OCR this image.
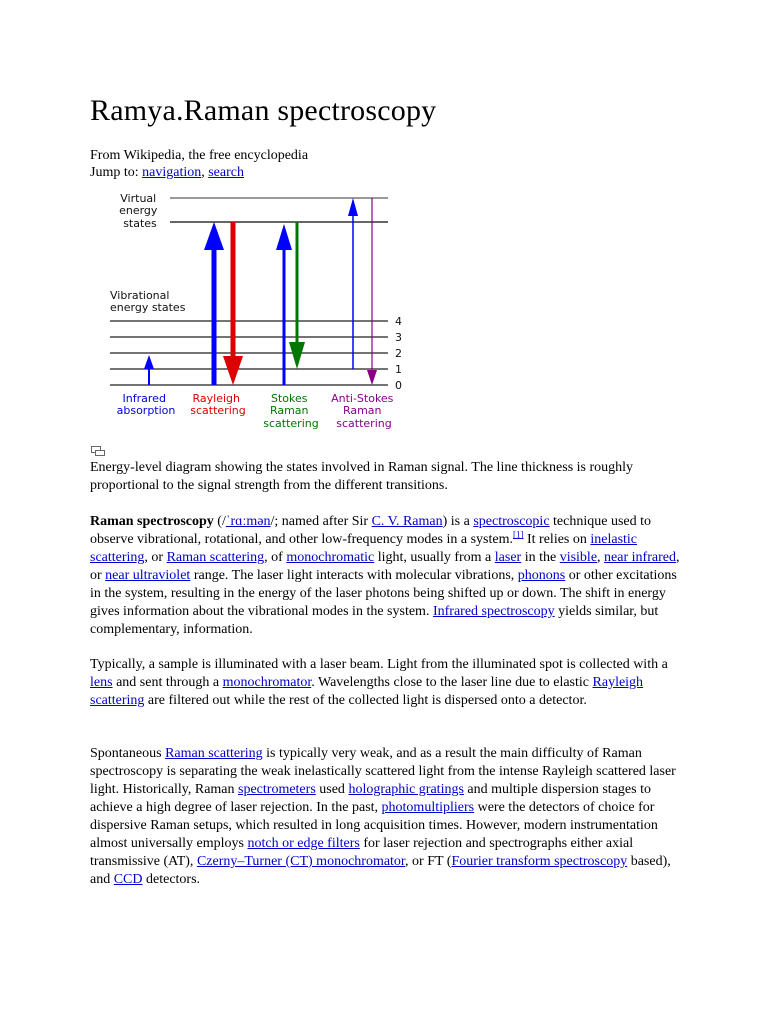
Ramya.Raman spectroscopy
From Wikipedia, the free encyclopedia
Jump to: navigation, search
Virtual energy states
Vibrational energy states
4
3
2
1
0
Infrared absorption
Rayleigh scattering
Stokes Raman scattering
Anti-Stokes Raman scattering
Energy-level diagram showing the states involved in Raman signal. The line thickness is roughly proportional to the signal strength from the different transitions.

Raman spectroscopy (/ˈrɑːmən/; named after Sir C. V. Raman) is a spectroscopic technique used to observe vibrational, rotational, and other low-frequency modes in a system.[1] It relies on inelastic scattering, or Raman scattering, of monochromatic light, usually from a laser in the visible, near infrared, or near ultraviolet range. The laser light interacts with molecular vibrations, phonons or other excitations in the system, resulting in the energy of the laser photons being shifted up or down. The shift in energy gives information about the vibrational modes in the system. Infrared spectroscopy yields similar, but complementary, information.

Typically, a sample is illuminated with a laser beam. Light from the illuminated spot is collected with a lens and sent through a monochromator. Wavelengths close to the laser line due to elastic Rayleigh scattering are filtered out while the rest of the collected light is dispersed onto a detector.

Spontaneous Raman scattering is typically very weak, and as a result the main difficulty of Raman spectroscopy is separating the weak inelastically scattered light from the intense Rayleigh scattered laser light. Historically, Raman spectrometers used holographic gratings and multiple dispersion stages to achieve a high degree of laser rejection. In the past, photomultipliers were the detectors of choice for dispersive Raman setups, which resulted in long acquisition times. However, modern instrumentation almost universally employs notch or edge filters for laser rejection and spectrographs either axial transmissive (AT), Czerny–Turner (CT) monochromator, or FT (Fourier transform spectroscopy based), and CCD detectors.
